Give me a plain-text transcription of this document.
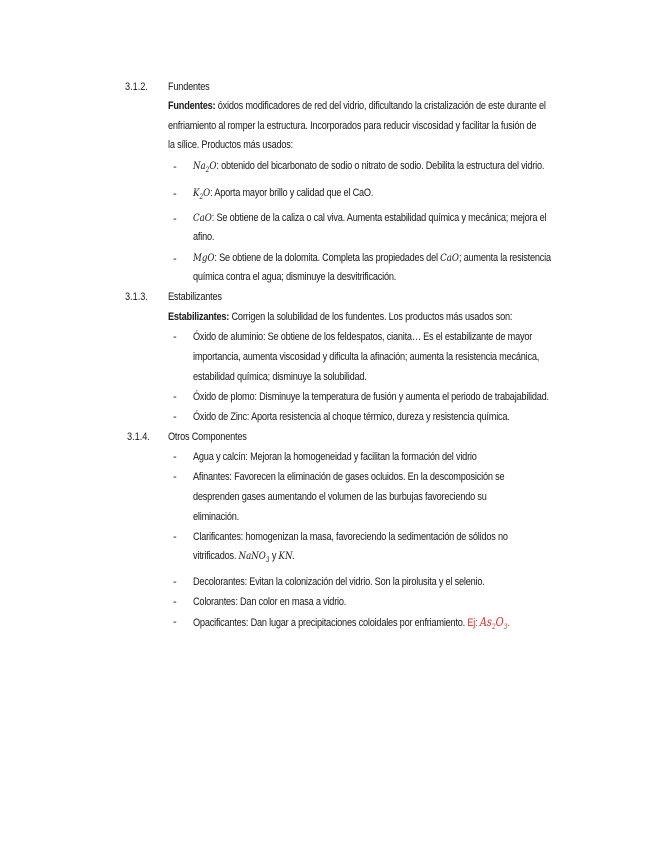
3.1.2. Fundentes
Fundentes: óxidos modificadores de red del vidrio, dificultando la cristalización de este durante el
enfriamiento al romper la estructura. Incorporados para reducir viscosidad y facilitar la fusión de
la sílice. Productos más usados:
- $Na_2O$: obtenido del bicarbonato de sodio o nitrato de sodio. Debilita la estructura del vidrio.
- $K_2O$: Aporta mayor brillo y calidad que el CaO.
- CaO: Se obtiene de la caliza o cal viva. Aumenta estabilidad química y mecánica; mejora el
afino.
- MgO: Se obtiene de la dolomita. Completa las propiedades del CaO; aumenta la resistencia
química contra el agua; disminuye la desvitrificación.
3.1.3. Estabilizantes
Estabilizantes: Corrigen la solubilidad de los fundentes. Los productos más usados son:
- Óxido de aluminio: Se obtiene de los feldespatos, cianita… Es el estabilizante de mayor
importancia, aumenta viscosidad y dificulta la afinación; aumenta la resistencia mecánica,
estabilidad química; disminuye la solubilidad.
- Óxido de plomo: Disminuye la temperatura de fusión y aumenta el periodo de trabajabilidad.
- Óxido de Zinc: Aporta resistencia al choque térmico, dureza y resistencia química.
3.1.4. Otros Componentes
- Agua y calcín: Mejoran la homogeneidad y facilitan la formación del vidrio
- Afinantes: Favorecen la eliminación de gases ocluidos. En la descomposición se
desprenden gases aumentando el volumen de las burbujas favoreciendo su
eliminación.
- Clarificantes: homogenizan la masa, favoreciendo la sedimentación de sólidos no
vitrificados. NaNO$_3$ y KN.
- Decolorantes: Evitan la colonización del vidrio. Son la pirolusita y el selenio.
- Colorantes: Dan color en masa a vidrio.
- Opacificantes: Dan lugar a precipitaciones coloidales por enfriamiento. Ej: $As_2O_3$.
